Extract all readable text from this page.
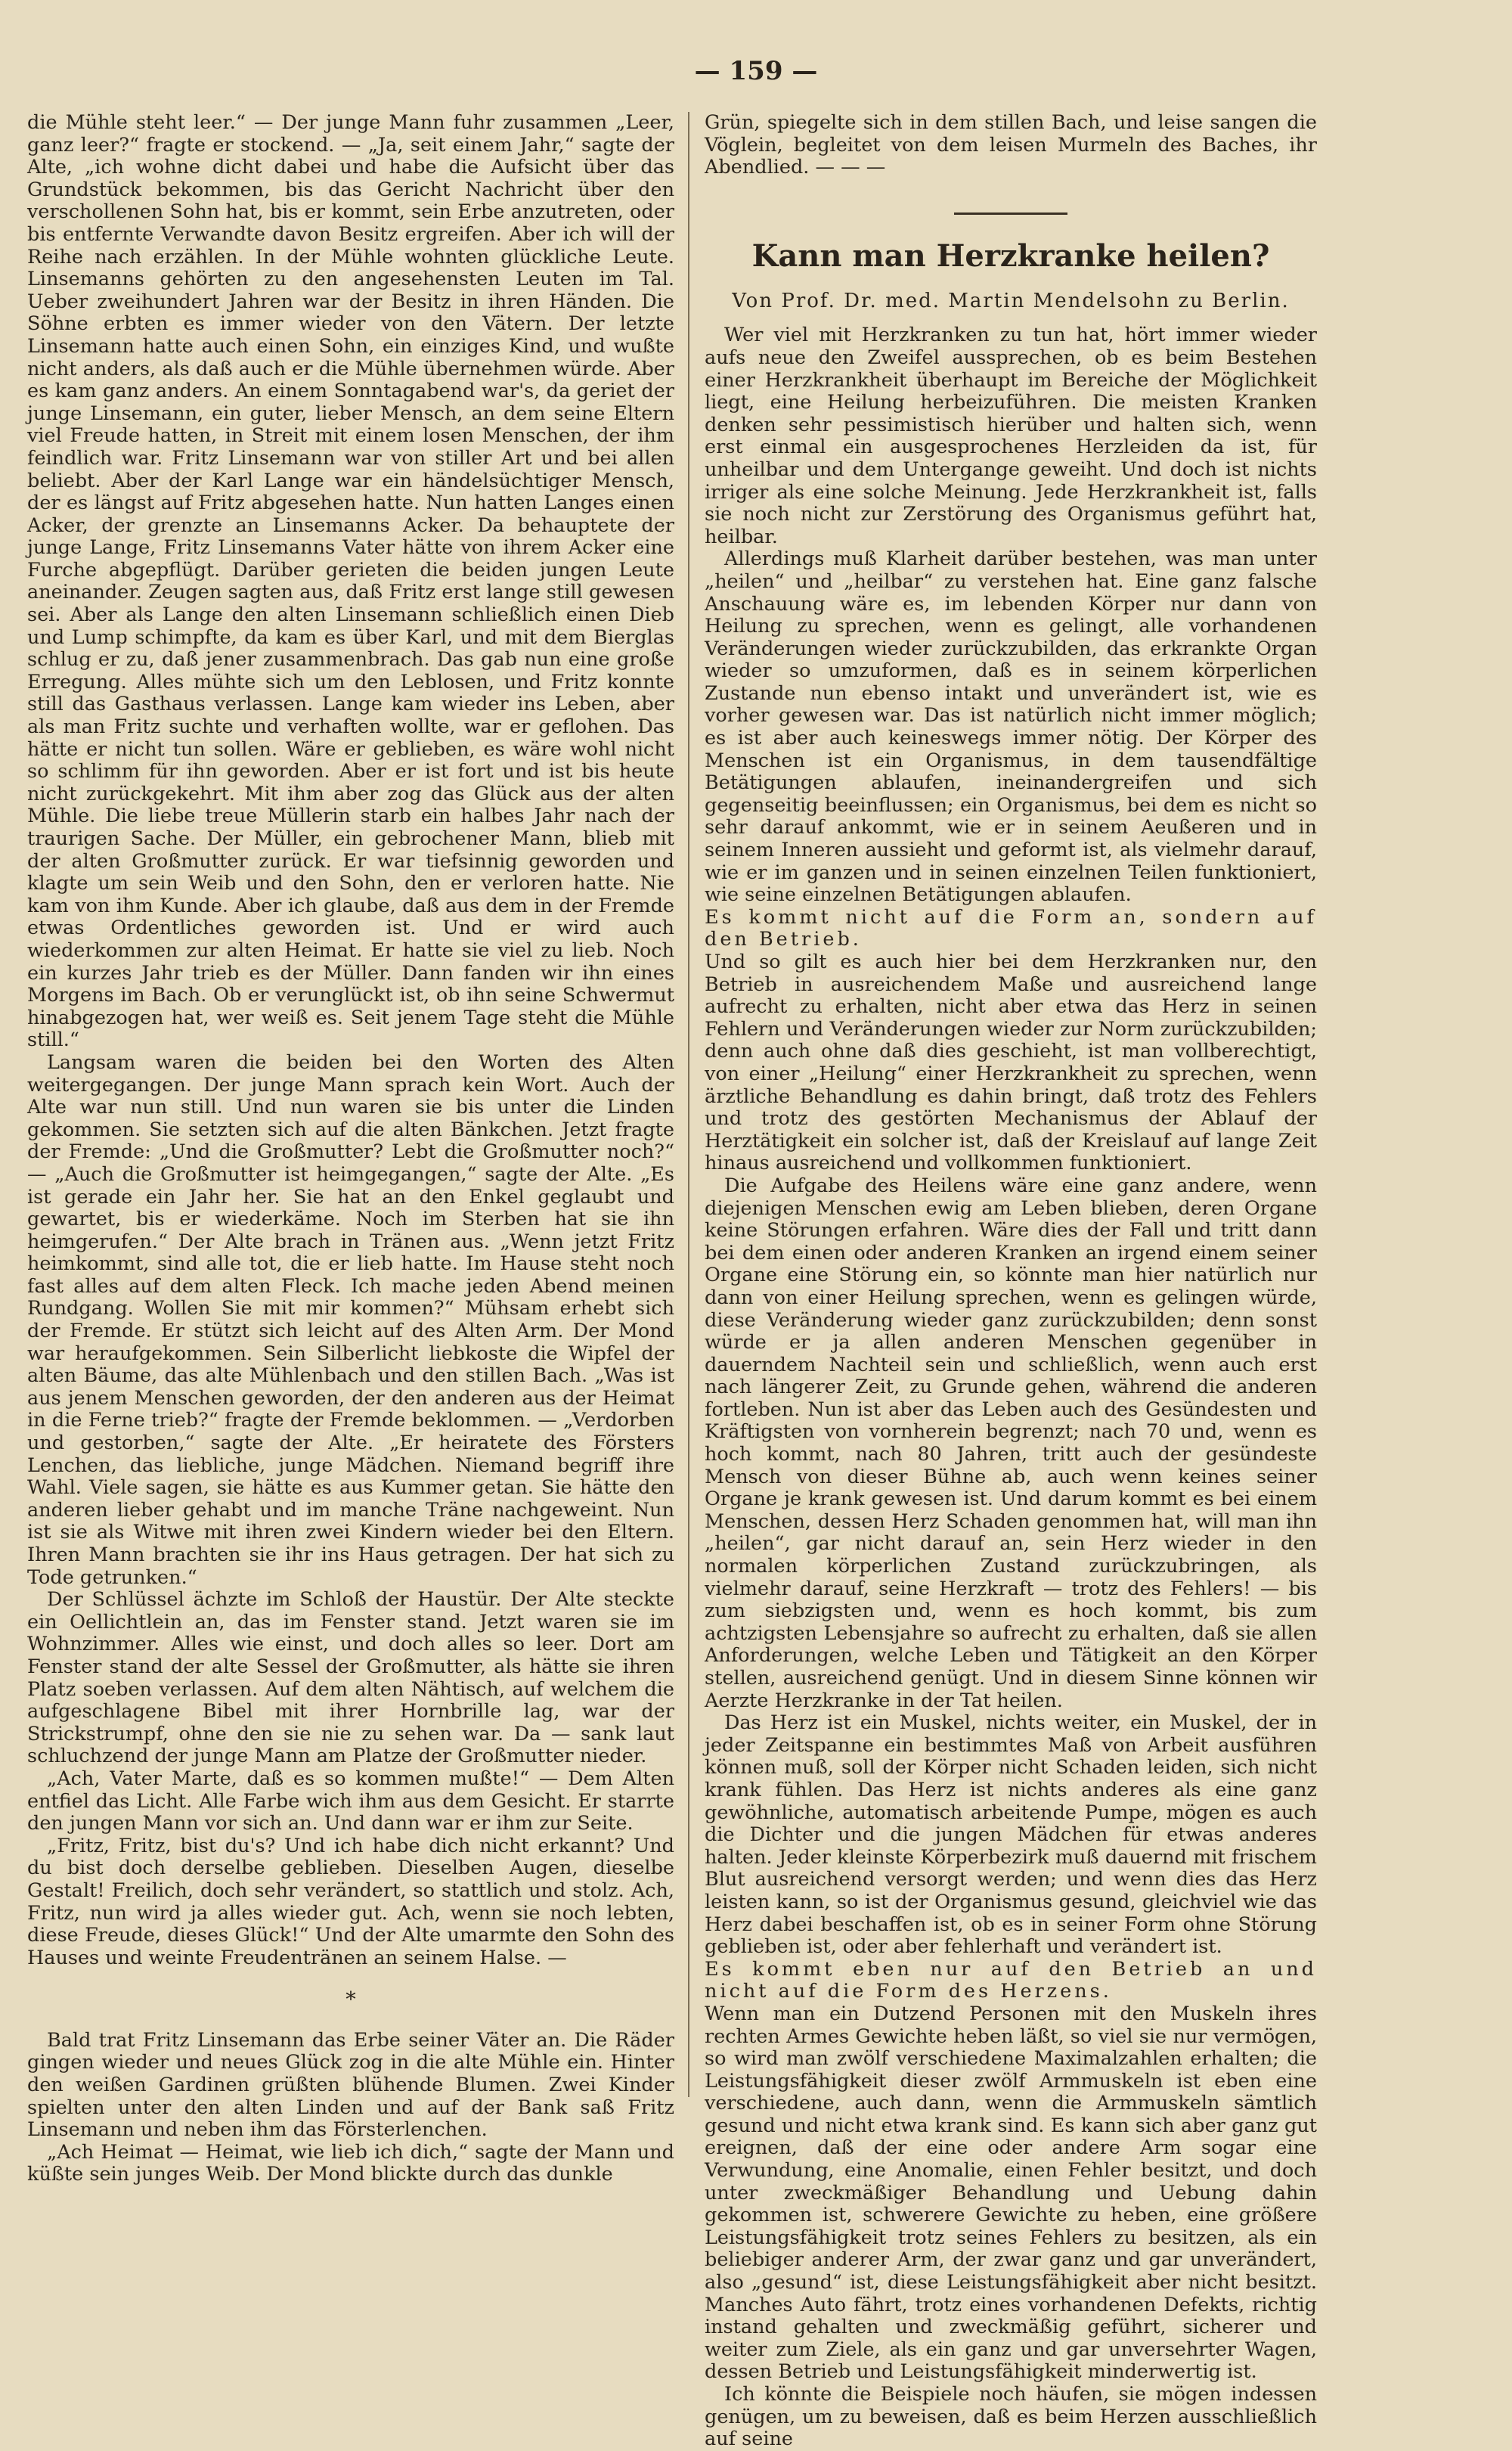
— 159 —

die Mühle steht leer.“ — Der junge Mann fuhr zusammen „Leer, ganz leer?“ fragte er stockend. — „Ja, seit einem Jahr,“ sagte der Alte, „ich wohne dicht dabei und habe die Aufsicht über das Grundstück bekommen, bis das Gericht Nachricht über den verschollenen Sohn hat, bis er kommt, sein Erbe anzutreten, oder bis entfernte Verwandte davon Besitz ergreifen. Aber ich will der Reihe nach erzählen. In der Mühle wohnten glückliche Leute. Linsemanns gehörten zu den angesehensten Leuten im Tal. Ueber zweihundert Jahren war der Besitz in ihren Händen. Die Söhne erbten es immer wieder von den Vätern. Der letzte Linsemann hatte auch einen Sohn, ein einziges Kind, und wußte nicht anders, als daß auch er die Mühle übernehmen würde. Aber es kam ganz anders. An einem Sonntagabend war's, da geriet der junge Linsemann, ein guter, lieber Mensch, an dem seine Eltern viel Freude hatten, in Streit mit einem losen Menschen, der ihm feindlich war. Fritz Linsemann war von stiller Art und bei allen beliebt. Aber der Karl Lange war ein händelsüchtiger Mensch, der es längst auf Fritz abgesehen hatte. Nun hatten Langes einen Acker, der grenzte an Linsemanns Acker. Da behauptete der junge Lange, Fritz Linsemanns Vater hätte von ihrem Acker eine Furche abgepflügt. Darüber gerieten die beiden jungen Leute aneinander. Zeugen sagten aus, daß Fritz erst lange still gewesen sei. Aber als Lange den alten Linsemann schließlich einen Dieb und Lump schimpfte, da kam es über Karl, und mit dem Bierglas schlug er zu, daß jener zusammenbrach. Das gab nun eine große Erregung. Alles mühte sich um den Leblosen, und Fritz konnte still das Gasthaus verlassen. Lange kam wieder ins Leben, aber als man Fritz suchte und verhaften wollte, war er geflohen. Das hätte er nicht tun sollen. Wäre er geblieben, es wäre wohl nicht so schlimm für ihn geworden. Aber er ist fort und ist bis heute nicht zurückgekehrt. Mit ihm aber zog das Glück aus der alten Mühle. Die liebe treue Müllerin starb ein halbes Jahr nach der traurigen Sache. Der Müller, ein gebrochener Mann, blieb mit der alten Großmutter zurück. Er war tiefsinnig geworden und klagte um sein Weib und den Sohn, den er verloren hatte. Nie kam von ihm Kunde. Aber ich glaube, daß aus dem in der Fremde etwas Ordentliches geworden ist. Und er wird auch wiederkommen zur alten Heimat. Er hatte sie viel zu lieb. Noch ein kurzes Jahr trieb es der Müller. Dann fanden wir ihn eines Morgens im Bach. Ob er verunglückt ist, ob ihn seine Schwermut hinabgezogen hat, wer weiß es. Seit jenem Tage steht die Mühle still.“

Langsam waren die beiden bei den Worten des Alten weitergegangen. Der junge Mann sprach kein Wort. Auch der Alte war nun still. Und nun waren sie bis unter die Linden gekommen. Sie setzten sich auf die alten Bänkchen. Jetzt fragte der Fremde: „Und die Großmutter? Lebt die Großmutter noch?“ — „Auch die Großmutter ist heimgegangen,“ sagte der Alte. „Es ist gerade ein Jahr her. Sie hat an den Enkel geglaubt und gewartet, bis er wiederkäme. Noch im Sterben hat sie ihn heimgerufen.“ Der Alte brach in Tränen aus. „Wenn jetzt Fritz heimkommt, sind alle tot, die er lieb hatte. Im Hause steht noch fast alles auf dem alten Fleck. Ich mache jeden Abend meinen Rundgang. Wollen Sie mit mir kommen?“ Mühsam erhebt sich der Fremde. Er stützt sich leicht auf des Alten Arm. Der Mond war heraufgekommen. Sein Silberlicht liebkoste die Wipfel der alten Bäume, das alte Mühlenbach und den stillen Bach. „Was ist aus jenem Menschen geworden, der den anderen aus der Heimat in die Ferne trieb?“ fragte der Fremde beklommen. — „Verdorben und gestorben,“ sagte der Alte. „Er heiratete des Försters Lenchen, das liebliche, junge Mädchen. Niemand begriff ihre Wahl. Viele sagen, sie hätte es aus Kummer getan. Sie hätte den anderen lieber gehabt und im manche Träne nachgeweint. Nun ist sie als Witwe mit ihren zwei Kindern wieder bei den Eltern. Ihren Mann brachten sie ihr ins Haus getragen. Der hat sich zu Tode getrunken.“

Der Schlüssel ächzte im Schloß der Haustür. Der Alte steckte ein Oellichtlein an, das im Fenster stand. Jetzt waren sie im Wohnzimmer. Alles wie einst, und doch alles so leer. Dort am Fenster stand der alte Sessel der Großmutter, als hätte sie ihren Platz soeben verlassen. Auf dem alten Nähtisch, auf welchem die aufgeschlagene Bibel mit ihrer Hornbrille lag, war der Strickstrumpf, ohne den sie nie zu sehen war. Da — sank laut schluchzend der junge Mann am Platze der Großmutter nieder.

„Ach, Vater Marte, daß es so kommen mußte!“ — Dem Alten entfiel das Licht. Alle Farbe wich ihm aus dem Gesicht. Er starrte den jungen Mann vor sich an. Und dann war er ihm zur Seite.

„Fritz, Fritz, bist du's? Und ich habe dich nicht erkannt? Und du bist doch derselbe geblieben. Dieselben Augen, dieselbe Gestalt! Freilich, doch sehr verändert, so stattlich und stolz. Ach, Fritz, nun wird ja alles wieder gut. Ach, wenn sie noch lebten, diese Freude, dieses Glück!“ Und der Alte umarmte den Sohn des Hauses und weinte Freudentränen an seinem Halse. —

*

Bald trat Fritz Linsemann das Erbe seiner Väter an. Die Räder gingen wieder und neues Glück zog in die alte Mühle ein. Hinter den weißen Gardinen grüßten blühende Blumen. Zwei Kinder spielten unter den alten Linden und auf der Bank saß Fritz Linsemann und neben ihm das Försterlenchen.

„Ach Heimat — Heimat, wie lieb ich dich,“ sagte der Mann und küßte sein junges Weib. Der Mond blickte durch das dunkle

Grün, spiegelte sich in dem stillen Bach, und leise sangen die Vöglein, begleitet von dem leisen Murmeln des Baches, ihr Abendlied. — — —

Kann man Herzkranke heilen?
Von Prof. Dr. med. Martin Mendelsohn zu Berlin.

Wer viel mit Herzkranken zu tun hat, hört immer wieder aufs neue den Zweifel aussprechen, ob es beim Bestehen einer Herzkrankheit überhaupt im Bereiche der Möglichkeit liegt, eine Heilung herbeizuführen. Die meisten Kranken denken sehr pessimistisch hierüber und halten sich, wenn erst einmal ein ausgesprochenes Herzleiden da ist, für unheilbar und dem Untergange geweiht. Und doch ist nichts irriger als eine solche Meinung. Jede Herzkrankheit ist, falls sie noch nicht zur Zerstörung des Organismus geführt hat, heilbar.

Allerdings muß Klarheit darüber bestehen, was man unter „heilen“ und „heilbar“ zu verstehen hat. Eine ganz falsche Anschauung wäre es, im lebenden Körper nur dann von Heilung zu sprechen, wenn es gelingt, alle vorhandenen Veränderungen wieder zurückzubilden, das erkrankte Organ wieder so umzuformen, daß es in seinem körperlichen Zustande nun ebenso intakt und unverändert ist, wie es vorher gewesen war. Das ist natürlich nicht immer möglich; es ist aber auch keineswegs immer nötig. Der Körper des Menschen ist ein Organismus, in dem tausendfältige Betätigungen ablaufen, ineinandergreifen und sich gegenseitig beeinflussen; ein Organismus, bei dem es nicht so sehr darauf ankommt, wie er in seinem Aeußeren und in seinem Inneren aussieht und geformt ist, als vielmehr darauf, wie er im ganzen und in seinen einzelnen Teilen funktioniert, wie seine einzelnen Betätigungen ablaufen.

Es kommt nicht auf die Form an, sondern auf den Betrieb.

Und so gilt es auch hier bei dem Herzkranken nur, den Betrieb in ausreichendem Maße und ausreichend lange aufrecht zu erhalten, nicht aber etwa das Herz in seinen Fehlern und Veränderungen wieder zur Norm zurückzubilden; denn auch ohne daß dies geschieht, ist man vollberechtigt, von einer „Heilung“ einer Herzkrankheit zu sprechen, wenn ärztliche Behandlung es dahin bringt, daß trotz des Fehlers und trotz des gestörten Mechanismus der Ablauf der Herztätigkeit ein solcher ist, daß der Kreislauf auf lange Zeit hinaus ausreichend und vollkommen funktioniert.

Die Aufgabe des Heilens wäre eine ganz andere, wenn diejenigen Menschen ewig am Leben blieben, deren Organe keine Störungen erfahren. Wäre dies der Fall und tritt dann bei dem einen oder anderen Kranken an irgend einem seiner Organe eine Störung ein, so könnte man hier natürlich nur dann von einer Heilung sprechen, wenn es gelingen würde, diese Veränderung wieder ganz zurückzubilden; denn sonst würde er ja allen anderen Menschen gegenüber in dauerndem Nachteil sein und schließlich, wenn auch erst nach längerer Zeit, zu Grunde gehen, während die anderen fortleben. Nun ist aber das Leben auch des Gesündesten und Kräftigsten von vornherein begrenzt; nach 70 und, wenn es hoch kommt, nach 80 Jahren, tritt auch der gesündeste Mensch von dieser Bühne ab, auch wenn keines seiner Organe je krank gewesen ist. Und darum kommt es bei einem Menschen, dessen Herz Schaden genommen hat, will man ihn „heilen“, gar nicht darauf an, sein Herz wieder in den normalen körperlichen Zustand zurückzubringen, als vielmehr darauf, seine Herzkraft — trotz des Fehlers! — bis zum siebzigsten und, wenn es hoch kommt, bis zum achtzigsten Lebensjahre so aufrecht zu erhalten, daß sie allen Anforderungen, welche Leben und Tätigkeit an den Körper stellen, ausreichend genügt. Und in diesem Sinne können wir Aerzte Herzkranke in der Tat heilen.

Das Herz ist ein Muskel, nichts weiter, ein Muskel, der in jeder Zeitspanne ein bestimmtes Maß von Arbeit ausführen können muß, soll der Körper nicht Schaden leiden, sich nicht krank fühlen. Das Herz ist nichts anderes als eine ganz gewöhnliche, automatisch arbeitende Pumpe, mögen es auch die Dichter und die jungen Mädchen für etwas anderes halten. Jeder kleinste Körperbezirk muß dauernd mit frischem Blut ausreichend versorgt werden; und wenn dies das Herz leisten kann, so ist der Organismus gesund, gleichviel wie das Herz dabei beschaffen ist, ob es in seiner Form ohne Störung geblieben ist, oder aber fehlerhaft und verändert ist.

Es kommt eben nur auf den Betrieb an und nicht auf die Form des Herzens.

Wenn man ein Dutzend Personen mit den Muskeln ihres rechten Armes Gewichte heben läßt, so viel sie nur vermögen, so wird man zwölf verschiedene Maximalzahlen erhalten; die Leistungsfähigkeit dieser zwölf Armmuskeln ist eben eine verschiedene, auch dann, wenn die Armmuskeln sämtlich gesund und nicht etwa krank sind. Es kann sich aber ganz gut ereignen, daß der eine oder andere Arm sogar eine Verwundung, eine Anomalie, einen Fehler besitzt, und doch unter zweckmäßiger Behandlung und Uebung dahin gekommen ist, schwerere Gewichte zu heben, eine größere Leistungsfähigkeit trotz seines Fehlers zu besitzen, als ein beliebiger anderer Arm, der zwar ganz und gar unverändert, also „gesund“ ist, diese Leistungsfähigkeit aber nicht besitzt. Manches Auto fährt, trotz eines vorhandenen Defekts, richtig instand gehalten und zweckmäßig geführt, sicherer und weiter zum Ziele, als ein ganz und gar unversehrter Wagen, dessen Betrieb und Leistungsfähigkeit minderwertig ist.

Ich könnte die Beispiele noch häufen, sie mögen indessen genügen, um zu beweisen, daß es beim Herzen ausschließlich auf seine
